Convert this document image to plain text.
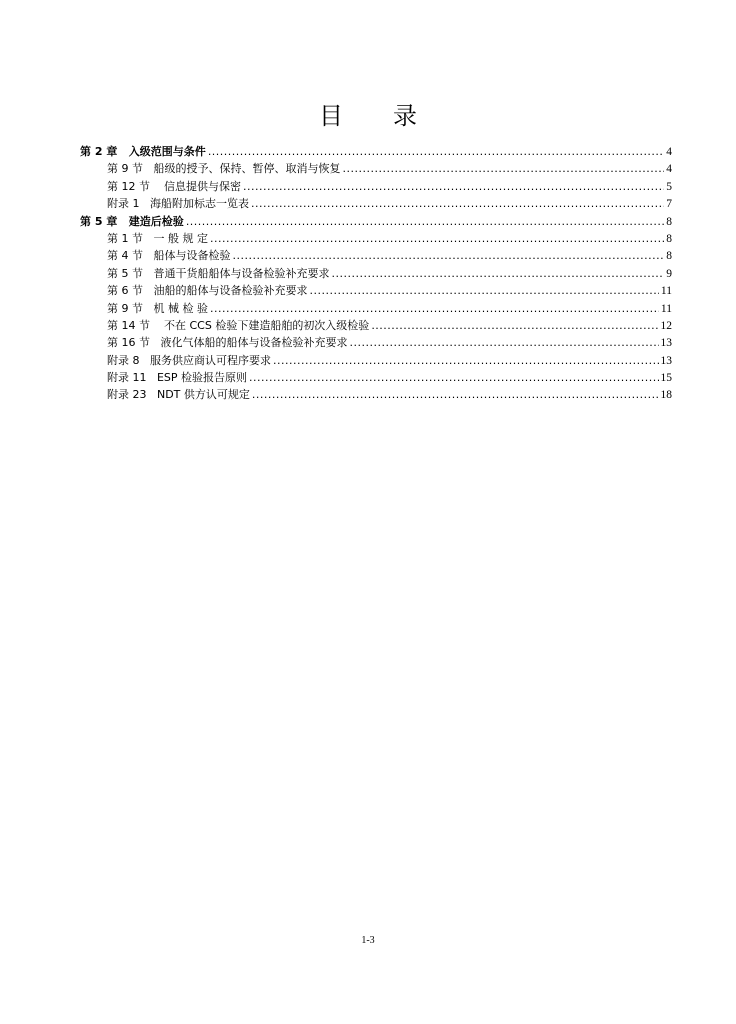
目 录
第 2 章   入级范围与条件 .....	4
第 9 节   船级的授予、保持、暂停、取消与恢复 .....	4
第 12 节    信息提供与保密 .....	5
附录 1   海船附加标志一览表 .....	7
第 5 章   建造后检验 .....	8
第 1 节   一 般 规 定 .....	8
第 4 节   船体与设备检验 .....	8
第 5 节   普通干货船船体与设备检验补充要求 .....	9
第 6 节   油船的船体与设备检验补充要求 .....	11
第 9 节   机 械 检 验 .....	11
第 14 节    不在 CCS 检验下建造船舶的初次入级检验 .....	12
第 16 节   液化气体船的船体与设备检验补充要求 .....	13
附录 8   服务供应商认可程序要求 .....	13
附录 11   ESP 检验报告原则 .....	15
附录 23   NDT 供方认可规定 .....	18
1-3
